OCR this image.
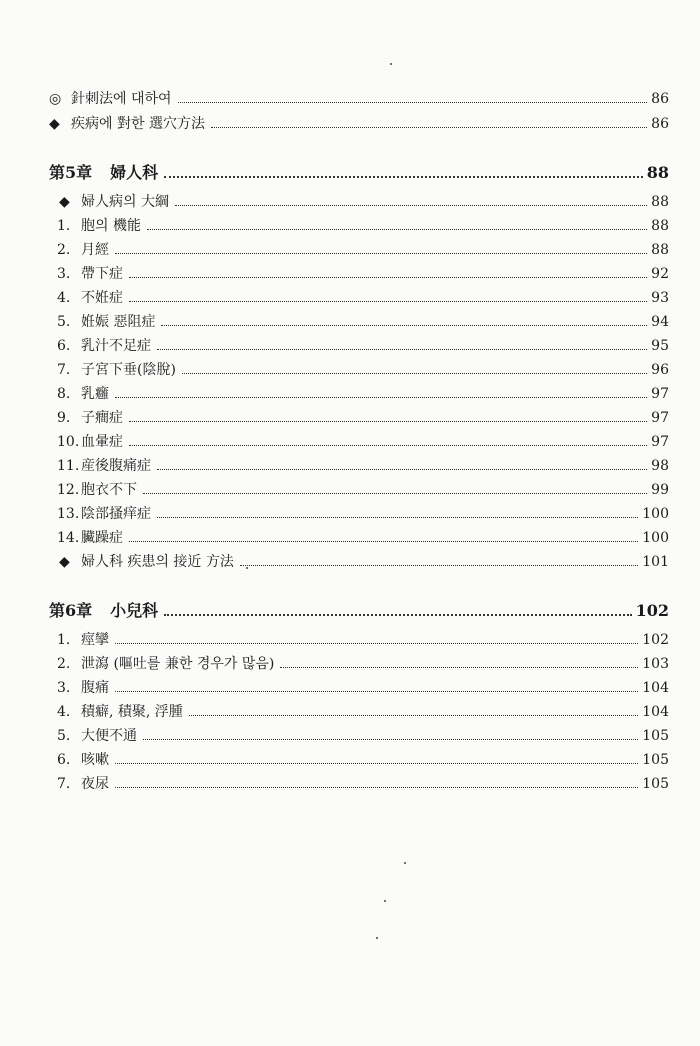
◎ 針刺法에 대하여	86
◆ 疾病에 對한 選穴方法	86
第5章 婦人科	88
◆ 婦人病의 大綱	88
1. 胞의 機能	88
2. 月經	88
3. 帶下症	92
4. 不姙症	93
5. 姙娠 惡阻症	94
6. 乳汁不足症	95
7. 子宮下垂(陰脫)	96
8. 乳癰	97
9. 子癎症	97
10. 血暈症	97
11. 産後腹痛症	98
12. 胞衣不下	99
13. 陰部搔痒症	100
14. 臟躁症	100
◆ 婦人科 疾患의 接近 方法	101
第6章 小兒科	102
1. 痙攣	102
2. 泄瀉 (嘔吐를 兼한 경우가 많음)	103
3. 腹痛	104
4. 積癖, 積聚, 浮腫	104
5. 大便不通	105
6. 咳嗽	105
7. 夜尿	105
